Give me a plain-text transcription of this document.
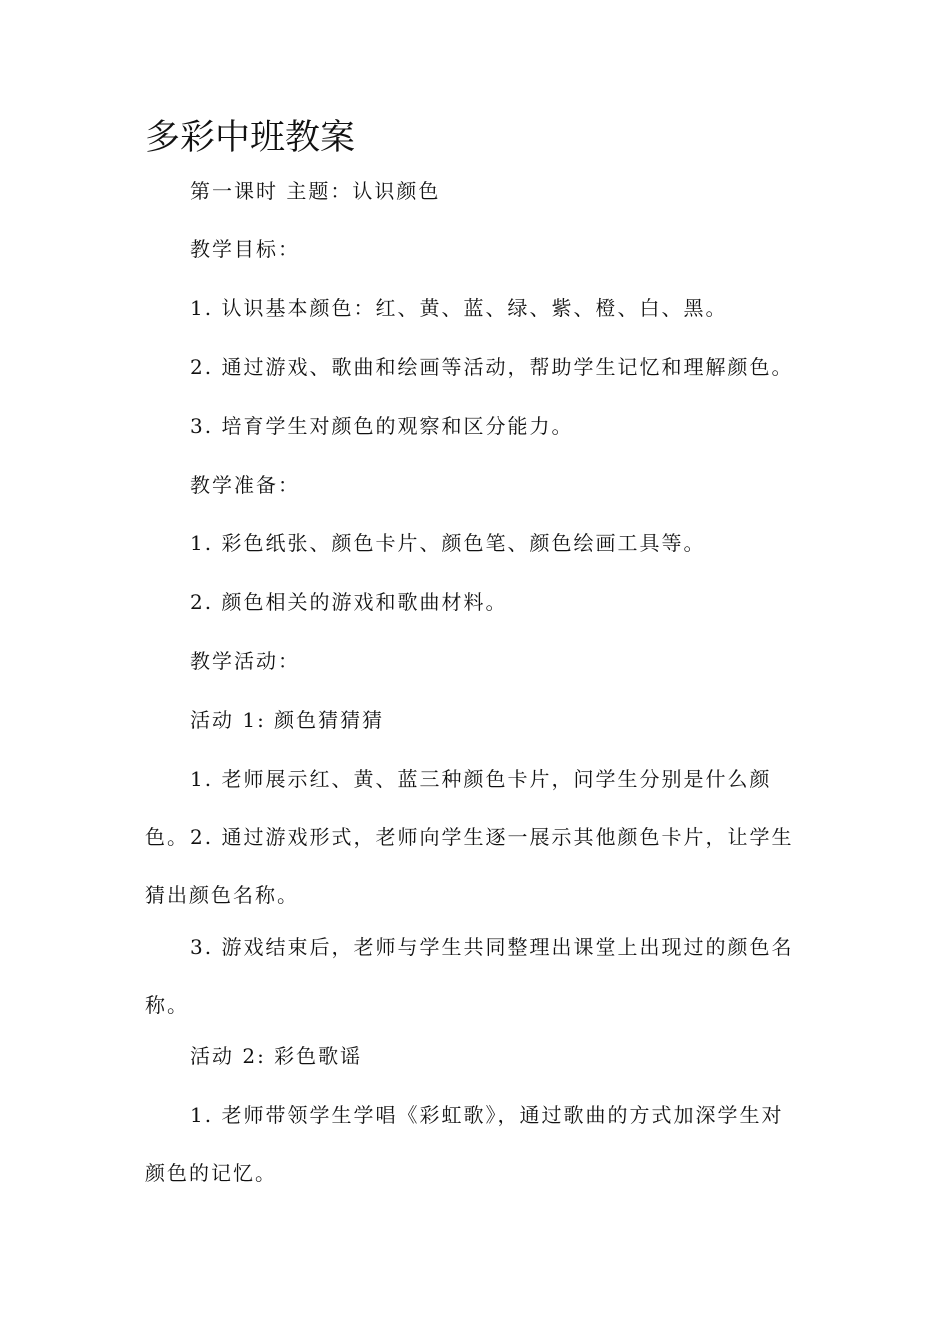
多彩中班教案
第一课时 主题：认识颜色
教学目标：
1. 认识基本颜色：红、黄、蓝、绿、紫、橙、白、黑。
2. 通过游戏、歌曲和绘画等活动，帮助学生记忆和理解颜色。
3. 培育学生对颜色的观察和区分能力。
教学准备：
1. 彩色纸张、颜色卡片、颜色笔、颜色绘画工具等。
2. 颜色相关的游戏和歌曲材料。
教学活动：
活动 1: 颜色猜猜猜
1. 老师展示红、黄、蓝三种颜色卡片，问学生分别是什么颜色。 2. 通过游戏形式，老师向学生逐一展示其他颜色卡片，让学生猜出颜色名称。
3. 游戏结束后，老师与学生共同整理出课堂上出现过的颜色名称。
活动 2: 彩色歌谣
1. 老师带领学生学唱《彩虹歌》，通过歌曲的方式加深学生对颜色的记忆。
